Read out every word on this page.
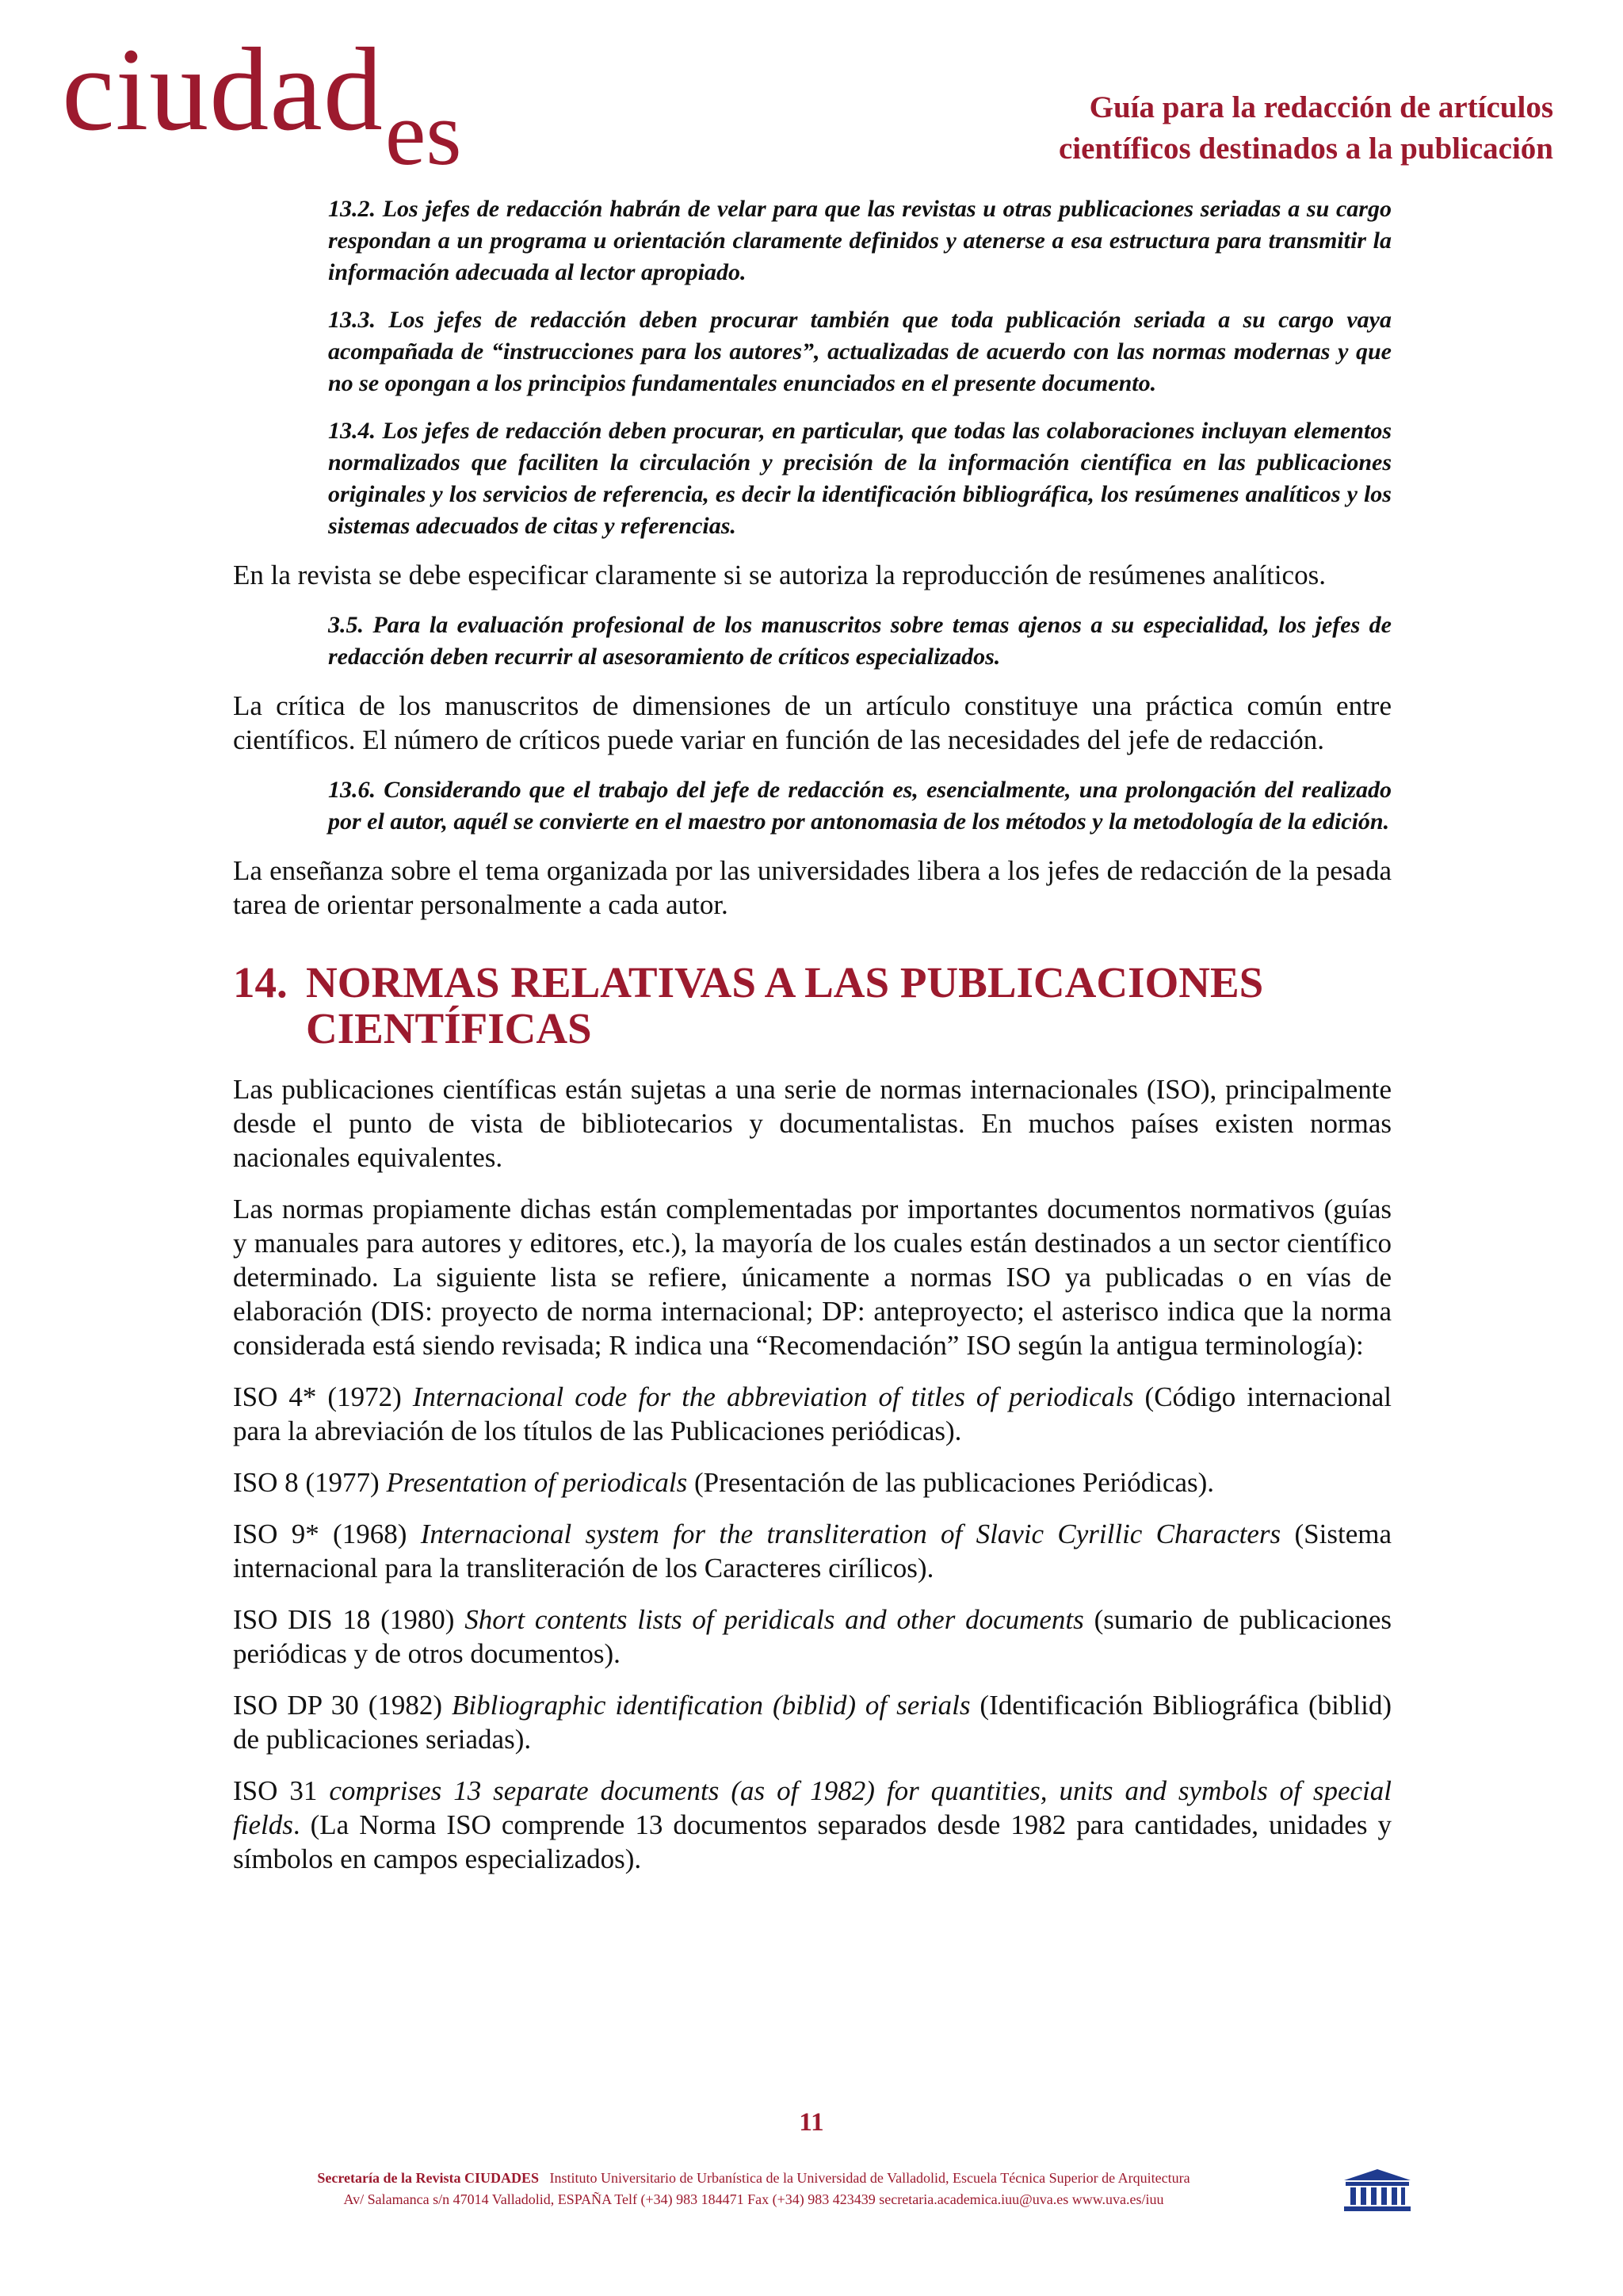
ciudades	Guía para la redacción de artículos
científicos destinados a la publicación
13.2. Los jefes de redacción habrán de velar para que las revistas u otras publicaciones seriadas a su cargo respondan a un programa u orientación claramente definidos y atenerse a esa estructura para transmitir la información adecuada al lector apropiado.
13.3. Los jefes de redacción deben procurar también que toda publicación seriada a su cargo vaya acompañada de “instrucciones para los autores”, actualizadas de acuerdo con las normas modernas y que no se opongan a los principios fundamentales enunciados en el presente documento.
13.4. Los jefes de redacción deben procurar, en particular, que todas las colaboraciones incluyan elementos normalizados que faciliten la circulación y precisión de la información científica en las publicaciones originales y los servicios de referencia, es decir la identificación bibliográfica, los resúmenes analíticos y los sistemas adecuados de citas y referencias.

En la revista se debe especificar claramente si se autoriza la reproducción de resúmenes analíticos.

3.5. Para la evaluación profesional de los manuscritos sobre temas ajenos a su especialidad, los jefes de redacción deben recurrir al asesoramiento de críticos especializados.

La crítica de los manuscritos de dimensiones de un artículo constituye una práctica común entre científicos. El número de críticos puede variar en función de las necesidades del jefe de redacción.

13.6. Considerando que el trabajo del jefe de redacción es, esencialmente, una prolongación del realizado por el autor, aquél se convierte en el maestro por antonomasia de los métodos y la metodología de la edición.

La enseñanza sobre el tema organizada por las universidades libera a los jefes de redacción de la pesada tarea de orientar personalmente a cada autor.

14. NORMAS RELATIVAS A LAS PUBLICACIONES CIENTÍFICAS

Las publicaciones científicas están sujetas a una serie de normas internacionales (ISO), principalmente desde el punto de vista de bibliotecarios y documentalistas. En muchos países existen normas nacionales equivalentes.

Las normas propiamente dichas están complementadas por importantes documentos normativos (guías y manuales para autores y editores, etc.), la mayoría de los cuales están destinados a un sector científico determinado. La siguiente lista se refiere, únicamente a normas ISO ya publicadas o en vías de elaboración (DIS: proyecto de norma internacional; DP: anteproyecto; el asterisco indica que la norma considerada está siendo revisada; R indica una “Recomendación” ISO según la antigua terminología):

ISO 4* (1972) Internacional code for the abbreviation of titles of periodicals (Código internacional para la abreviación de los títulos de las Publicaciones periódicas).

ISO 8 (1977) Presentation of periodicals (Presentación de las publicaciones Periódicas).

ISO 9* (1968) Internacional system for the transliteration of Slavic Cyrillic Characters (Sistema internacional para la transliteración de los Caracteres cirílicos).

ISO DIS 18 (1980) Short contents lists of peridicals and other documents (sumario de publicaciones periódicas y de otros documentos).

ISO DP 30 (1982) Bibliographic identification (biblid) of serials (Identificación Bibliográfica (biblid) de publicaciones seriadas).

ISO 31 comprises 13 separate documents (as of 1982) for quantities, units and symbols of special fields. (La Norma ISO comprende 13 documentos separados desde 1982 para cantidades, unidades y símbolos en campos especializados).

11
Secretaría de la Revista CIUDADES Instituto Universitario de Urbanística de la Universidad de Valladolid, Escuela Técnica Superior de Arquitectura
Av/ Salamanca s/n 47014 Valladolid, ESPAÑA Telf (+34) 983 184471 Fax (+34) 983 423439 secretaria.academica.iuu@uva.es www.uva.es/iuu
